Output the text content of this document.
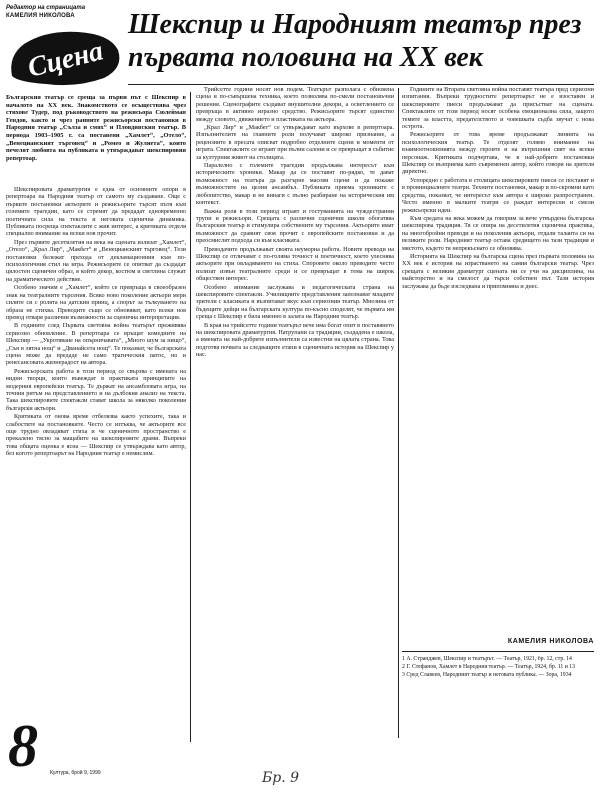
Редактор на страницата
КАМЕЛИЯ НИКОЛОВА
Сцена
Шекспир и Народният театър през първата половина на ХХ век
Българския театър се среща за първи път с Шекспир в началото на ХХ век. Знакомството се осъществява чрез стихове Тудер, под ръководството на режисьора Сюлейман Гендов, както и чрез ранните режисьорски постановки в Народния театър „Сълза и смях“ и Пловдивския театър. В периода 1903–1905 г. са поставени „Хамлет“, „Отело“, „Венецианският търговец“ и „Ромео и Жулиета“, които печелят любовта на публиката и утвърждават шекспировия репертоар.

Шекспировата драматургия е една от основните опори в репертоара на Народния театър от самото му създаване. Още с първите постановки актьорите и режисьорите търсят пътя към големите трагедии, като се стремят да предадат едновременно поетичната сила на текста и неговата сценична динамика. Публиката посреща спектаклите с жив интерес, а критиката отделя специално внимание на всеки нов прочит.

През първите десетилетия на века на сцената излизат „Хамлет“, „Отело“, „Крал Лир“, „Макбет“ и „Венецианският търговец“. Тези постановки бележат прехода от декламационния към по-психологичния стил на игра. Режисьорите се опитват да създадат цялостен сценичен образ, в който декор, костюм и светлина служат на драматическото действие.

Особено значим е „Хамлет“, който се превръща в своеобразен знак на театралните търсения. Всяко ново поколение актьори мери силите си с ролята на датския принц, а спорът за тълкуването на образа не стихва. Преводите също се обновяват, като всеки нов превод отваря различни възможности за сценична интерпретация.

В годините след Първата световна война театърът преживява сериозно обновление. В репертоара се връщат комедиите на Шекспир — „Укротяване на опърничавата“, „Много шум за нищо“, „Сън в лятна нощ“ и „Дванайсета нощ“. Те показват, че българската сцена може да предаде не само трагическия патос, но и ренесансовата жизнерадост на автора.

Режисьорската работа в този период се свързва с имената на видни творци, които въвеждат в практиката принципите на модерния европейски театър. Те държат на ансамбловата игра, на точния ритъм на представлението и на дълбокия анализ на текста. Така шекспировите спектакли стават школа за няколко поколения български актьори.

Критиката от онова време отбелязва както успехите, така и слабостите на постановките. Често се изтъква, че актьорите все още трудно овладяват стиха и че сценичното пространство е прекалено тясно за мащабите на шекспировите драми. Въпреки това общата оценка е ясна — Шекспир се утвърждава като автор, без когото репертоарът на Народния театър е немислим.

Трийсетте години носят нов подем. Театърът разполага с обновена сцена и по-съвършена техника, което позволява по-смели постановъчни решения. Сценографите създават внушителни декори, а осветлението се превръща в активно изразно средство. Режисьорите търсят единство между словото, движението и пластиката на актьора.

„Крал Лир“ и „Макбет“ се утвърждават като върхове в репертоара. Изпълнителите на главните роли получават широко признание, а рецензиите в пресата описват подробно отделните сцени и моменти от играта. Спектаклите се играят при пълни салони и се превръщат в събитие за културния живот на столицата.

Паралелно с големите трагедии продължава интересът към историческите хроники. Макар да се поставят по-рядко, те дават възможност на театъра да разгърне масови сцени и да покаже възможностите на целия ансамбъл. Публиката приема хрониките с любопитство, макар и не винаги с пълно разбиране на историческия им контекст.

Важна роля в този период играят и гостуванията на чуждестранни трупи и режисьори. Срещата с различни сценични школи обогатява българския театър и стимулира собствените му търсения. Актьорите имат възможност да сравнят своя прочит с европейските постановки и да преосмислят подхода си към класиката.

Преводачите продължават своята неуморна работа. Новите преводи на Шекспир се отличават с по-голяма точност и поетичност, което улеснява актьорите при овладяването на стиха. Споровете около преводите често излизат извън театралните среди и се превръщат в тема на широк обществен интерес.

Особено внимание заслужава и педагогическата страна на шекспировите спектакли. Училищните представления запознават младите зрители с класиката и възпитават вкус към сериозния театър. Мнозина от бъдещите дейци на българската култура по-късно споделят, че първата им среща с Шекспир е била именно в залата на Народния театър.

В края на трийсетте години театърът вече има богат опит в поставянето на шекспировата драматургия. Натрупани са традиции, създадена е школа, а имената на най-добрите изпълнители са известни на цялата страна. Това подготвя почвата за следващите етапи в сценичната история на Шекспир у нас.

Годините на Втората световна война поставят театъра пред сериозни изпитания. Въпреки трудностите репертоарът не е изоставен и шекспировите пиеси продължават да присъстват на сцената. Спектаклите от този период носят особена емоционална сила, защото темите за властта, предателството и човешката съдба звучат с нова острота.

Режисьорите от това време продължават линията на психологическия театър. Те отделят голямо внимание на взаимоотношенията между героите и на вътрешния свят на всеки персонаж. Критиката подчертава, че в най-добрите постановки Шекспир се възприема като съвременен автор, който говори на зрителя директно.

Успоредно с работата в столицата шекспировите пиеси се поставят и в провинциалните театри. Техните постановки, макар и по-скромни като средства, показват, че интересът към автора е широко разпространен. Често именно в малките театри се раждат интересни и смели режисьорски идеи.

Към средата на века можем да говорим за вече утвърдена българска шекспирова традиция. Тя се опира на десетилетия сценична практика, на многобройни преводи и на поколения актьори, отдали таланта си на великите роли. Народният театър остава средището на тази традиция и мястото, където тя непрекъснато се обновява.

Историята на Шекспир на българска сцена през първата половина на ХХ век е история на израстването на самия български театър. Чрез срещата с великия драматург сцената ни се учи на дисциплина, на майсторство и на смелост да търси собствен път. Тази история заслужава да бъде изследвана и припомняна и днес.

КАМЕЛИЯ НИКОЛОВА
1 А. Странджев, Шекспир и театърът. — Театър, 1921, бр. 12, стр. 14
2 Г. Стефанов, Хамлет в Народния театър. — Театър, 1924, бр. 11 и 13
3 Сред Славеев, Народният театър и неговата публика. — Зора, 1934
8	Култура, брой 9, 1999	Бр. 9
